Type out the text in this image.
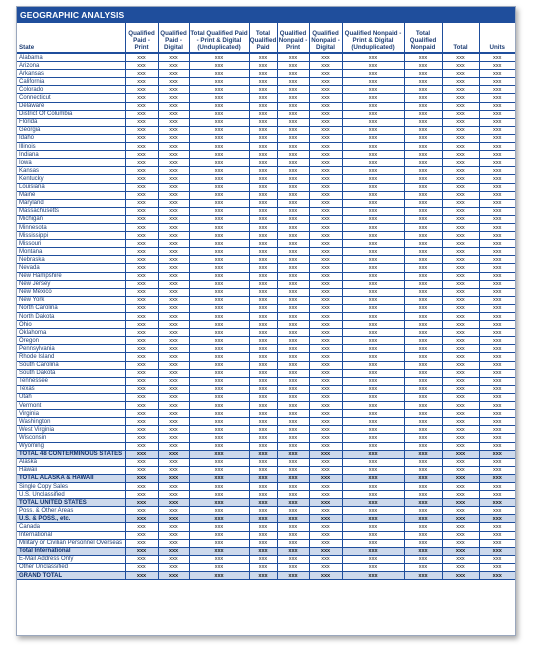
GEOGRAPHIC ANALYSIS
State	Qualified Paid - Print	Qualified Paid - Digital	Total Qualified Paid - Print & Digital (Unduplicated)	Total Qualified Paid	Qualified Nonpaid - Print	Qualified Nonpaid - Digital	Qualified Nonpaid - Print & Digital (Unduplicated)	Total Qualified Nonpaid	Total	Units
Alabama	xxx	xxx	xxx	xxx	xxx	xxx	xxx	xxx	xxx	xxx
Arizona	xxx	xxx	xxx	xxx	xxx	xxx	xxx	xxx	xxx	xxx
Arkansas	xxx	xxx	xxx	xxx	xxx	xxx	xxx	xxx	xxx	xxx
California	xxx	xxx	xxx	xxx	xxx	xxx	xxx	xxx	xxx	xxx
Colorado	xxx	xxx	xxx	xxx	xxx	xxx	xxx	xxx	xxx	xxx
Connecticut	xxx	xxx	xxx	xxx	xxx	xxx	xxx	xxx	xxx	xxx
Delaware	xxx	xxx	xxx	xxx	xxx	xxx	xxx	xxx	xxx	xxx
District Of Columbia	xxx	xxx	xxx	xxx	xxx	xxx	xxx	xxx	xxx	xxx
Florida	xxx	xxx	xxx	xxx	xxx	xxx	xxx	xxx	xxx	xxx
Georgia	xxx	xxx	xxx	xxx	xxx	xxx	xxx	xxx	xxx	xxx
Idaho	xxx	xxx	xxx	xxx	xxx	xxx	xxx	xxx	xxx	xxx
Illinois	xxx	xxx	xxx	xxx	xxx	xxx	xxx	xxx	xxx	xxx
Indiana	xxx	xxx	xxx	xxx	xxx	xxx	xxx	xxx	xxx	xxx
Iowa	xxx	xxx	xxx	xxx	xxx	xxx	xxx	xxx	xxx	xxx
Kansas	xxx	xxx	xxx	xxx	xxx	xxx	xxx	xxx	xxx	xxx
Kentucky	xxx	xxx	xxx	xxx	xxx	xxx	xxx	xxx	xxx	xxx
Louisiana	xxx	xxx	xxx	xxx	xxx	xxx	xxx	xxx	xxx	xxx
Maine	xxx	xxx	xxx	xxx	xxx	xxx	xxx	xxx	xxx	xxx
Maryland	xxx	xxx	xxx	xxx	xxx	xxx	xxx	xxx	xxx	xxx
Massachusetts	xxx	xxx	xxx	xxx	xxx	xxx	xxx	xxx	xxx	xxx
Michigan	xxx	xxx	xxx	xxx	xxx	xxx	xxx	xxx	xxx	xxx
Minnesota	xxx	xxx	xxx	xxx	xxx	xxx	xxx	xxx	xxx	xxx
Mississippi	xxx	xxx	xxx	xxx	xxx	xxx	xxx	xxx	xxx	xxx
Missouri	xxx	xxx	xxx	xxx	xxx	xxx	xxx	xxx	xxx	xxx
Montana	xxx	xxx	xxx	xxx	xxx	xxx	xxx	xxx	xxx	xxx
Nebraska	xxx	xxx	xxx	xxx	xxx	xxx	xxx	xxx	xxx	xxx
Nevada	xxx	xxx	xxx	xxx	xxx	xxx	xxx	xxx	xxx	xxx
New Hampshire	xxx	xxx	xxx	xxx	xxx	xxx	xxx	xxx	xxx	xxx
New Jersey	xxx	xxx	xxx	xxx	xxx	xxx	xxx	xxx	xxx	xxx
New Mexico	xxx	xxx	xxx	xxx	xxx	xxx	xxx	xxx	xxx	xxx
New York	xxx	xxx	xxx	xxx	xxx	xxx	xxx	xxx	xxx	xxx
North Carolina	xxx	xxx	xxx	xxx	xxx	xxx	xxx	xxx	xxx	xxx
North Dakota	xxx	xxx	xxx	xxx	xxx	xxx	xxx	xxx	xxx	xxx
Ohio	xxx	xxx	xxx	xxx	xxx	xxx	xxx	xxx	xxx	xxx
Oklahoma	xxx	xxx	xxx	xxx	xxx	xxx	xxx	xxx	xxx	xxx
Oregon	xxx	xxx	xxx	xxx	xxx	xxx	xxx	xxx	xxx	xxx
Pennsylvania	xxx	xxx	xxx	xxx	xxx	xxx	xxx	xxx	xxx	xxx
Rhode Island	xxx	xxx	xxx	xxx	xxx	xxx	xxx	xxx	xxx	xxx
South Carolina	xxx	xxx	xxx	xxx	xxx	xxx	xxx	xxx	xxx	xxx
South Dakota	xxx	xxx	xxx	xxx	xxx	xxx	xxx	xxx	xxx	xxx
Tennessee	xxx	xxx	xxx	xxx	xxx	xxx	xxx	xxx	xxx	xxx
Texas	xxx	xxx	xxx	xxx	xxx	xxx	xxx	xxx	xxx	xxx
Utah	xxx	xxx	xxx	xxx	xxx	xxx	xxx	xxx	xxx	xxx
Vermont	xxx	xxx	xxx	xxx	xxx	xxx	xxx	xxx	xxx	xxx
Virginia	xxx	xxx	xxx	xxx	xxx	xxx	xxx	xxx	xxx	xxx
Washington	xxx	xxx	xxx	xxx	xxx	xxx	xxx	xxx	xxx	xxx
West Virginia	xxx	xxx	xxx	xxx	xxx	xxx	xxx	xxx	xxx	xxx
Wisconsin	xxx	xxx	xxx	xxx	xxx	xxx	xxx	xxx	xxx	xxx
Wyoming	xxx	xxx	xxx	xxx	xxx	xxx	xxx	xxx	xxx	xxx
TOTAL 48 CONTERMINOUS STATES	xxx	xxx	xxx	xxx	xxx	xxx	xxx	xxx	xxx	xxx
Alaska	xxx	xxx	xxx	xxx	xxx	xxx	xxx	xxx	xxx	xxx
Hawaii	xxx	xxx	xxx	xxx	xxx	xxx	xxx	xxx	xxx	xxx
TOTAL ALASKA & HAWAII	xxx	xxx	xxx	xxx	xxx	xxx	xxx	xxx	xxx	xxx
Single Copy Sales	xxx	xxx	xxx	xxx	xxx	xxx	xxx	xxx	xxx	xxx
U.S. Unclassified	xxx	xxx	xxx	xxx	xxx	xxx	xxx	xxx	xxx	xxx
TOTAL UNITED STATES	xxx	xxx	xxx	xxx	xxx	xxx	xxx	xxx	xxx	xxx
Poss. & Other Areas	xxx	xxx	xxx	xxx	xxx	xxx	xxx	xxx	xxx	xxx
U.S. & POSS., etc.	xxx	xxx	xxx	xxx	xxx	xxx	xxx	xxx	xxx	xxx
Canada	xxx	xxx	xxx	xxx	xxx	xxx	xxx	xxx	xxx	xxx
International	xxx	xxx	xxx	xxx	xxx	xxx	xxx	xxx	xxx	xxx
Military or Civilian Personnel Overseas	xxx	xxx	xxx	xxx	xxx	xxx	xxx	xxx	xxx	xxx
Total International	xxx	xxx	xxx	xxx	xxx	xxx	xxx	xxx	xxx	xxx
E-Mail Address Only	xxx	xxx	xxx	xxx	xxx	xxx	xxx	xxx	xxx	xxx
Other Unclassified	xxx	xxx	xxx	xxx	xxx	xxx	xxx	xxx	xxx	xxx
GRAND TOTAL	xxx	xxx	xxx	xxx	xxx	xxx	xxx	xxx	xxx	xxx
